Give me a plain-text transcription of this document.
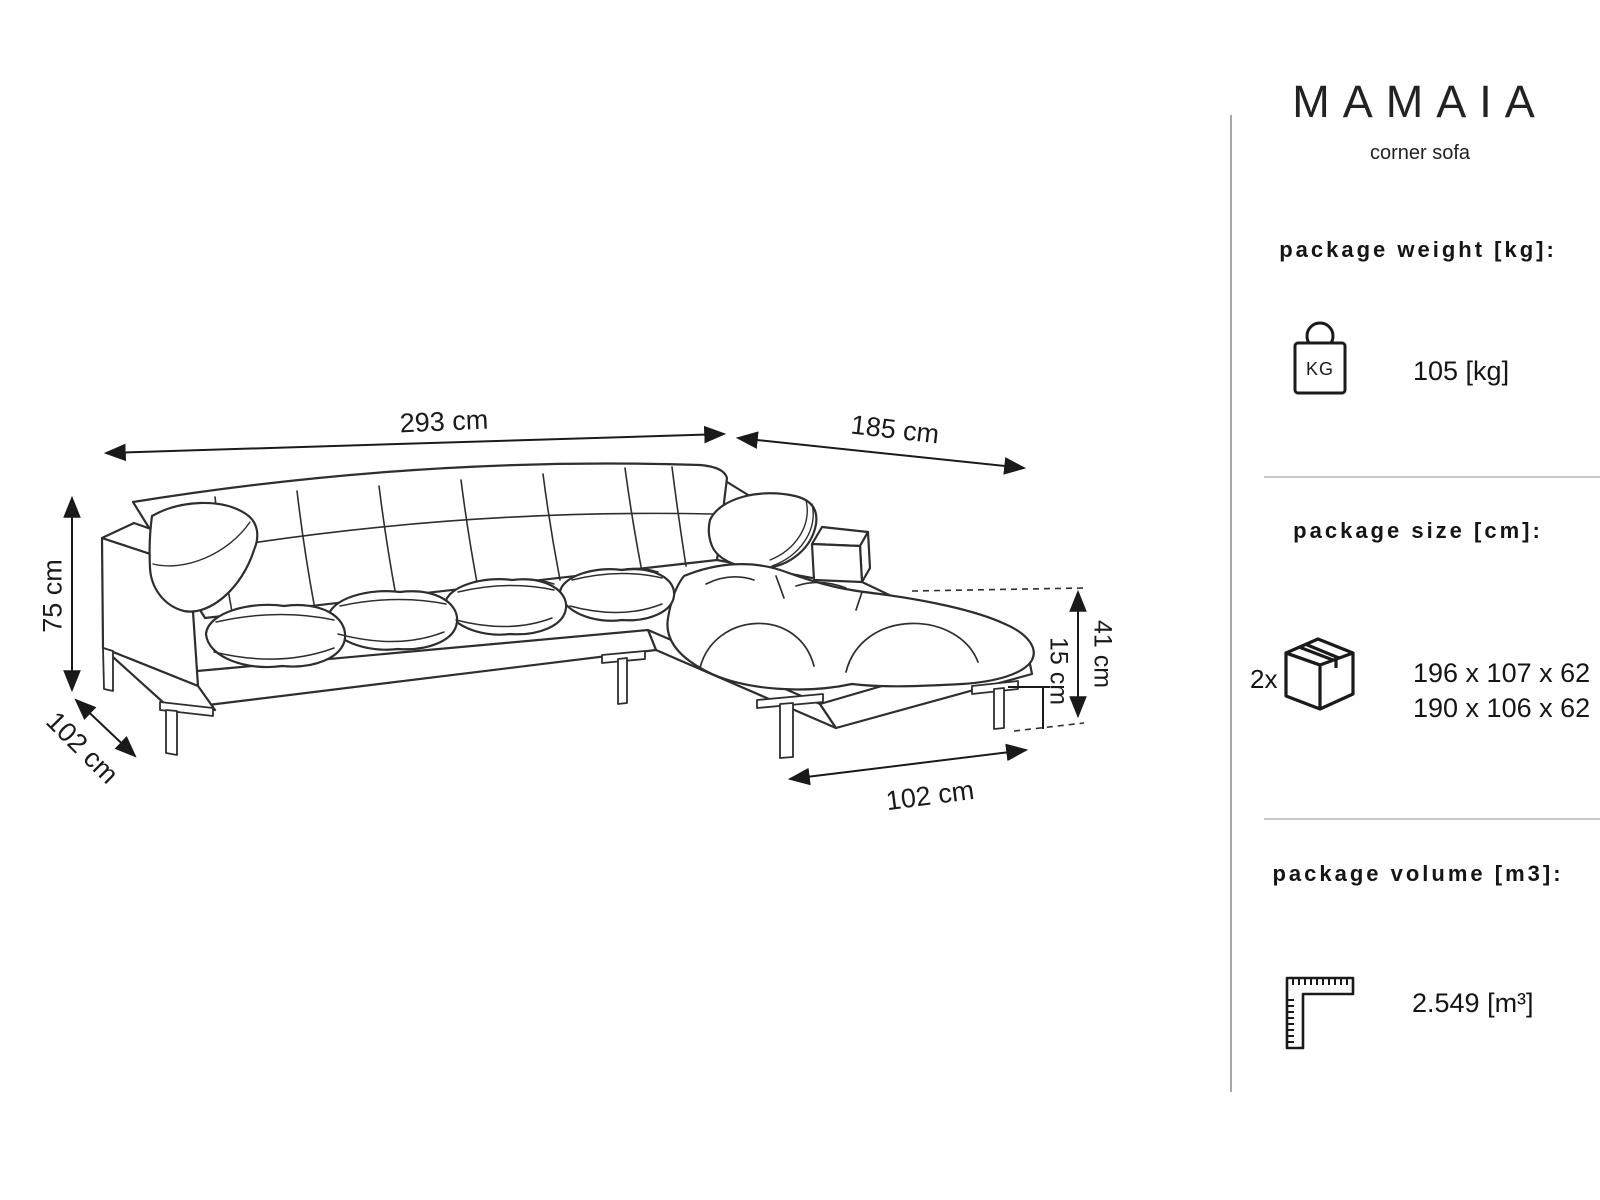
293 cm	185 cm
75 cm
102 cm
41 cm
15 cm
102 cm
MAMAIA
corner sofa
package weight [kg]:
KG	105 [kg]
package size [cm]:
2x	196 x 107 x 62
190 x 106 x 62
package volume [m3]:
2.549 [m³]
